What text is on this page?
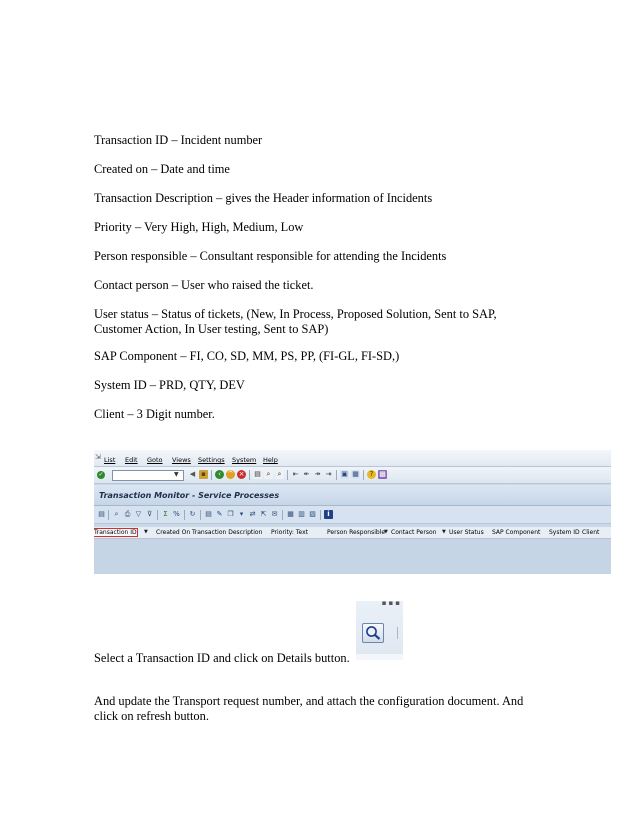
Transaction ID – Incident number

Created on – Date and time

Transaction Description – gives the Header information of Incidents

Priority – Very High, High, Medium, Low

Person responsible – Consultant responsible for attending the Incidents

Contact person – User who raised the ticket.

User status – Status of tickets, (New, In Process, Proposed Solution, Sent to SAP, Customer Action, In User testing, Sent to SAP)

SAP Component – FI, CO, SD, MM, PS, PP, (FI-GL, FI-SD,)

System ID – PRD, QTY, DEV

Client – 3 Digit number.

⇲ List Edit Goto Views Settings System Help
✓	▼ ◀ ▪	‹ ^ × ▤ ⌕	⌕	⇤ ↞ ↠ ⇥ ▣ ▦	? ▩
Transaction Monitor - Service Processes
▤	⌕ ⎙ ▽ ⊽	Σ % ↻ ▤ ✎ ❐ ▾ ⇄ ⇱ ✉ ▦ ▥ ▨	i
Transaction ID ▼ Created On Transaction Description Priority: Text	Person Responsible
▼ Contact Person ▼ User Status SAP Component System ID Client
▪▪▪

Select a Transaction ID and click on Details button.

And update the Transport request number, and attach the configuration document. And click on refresh button.
